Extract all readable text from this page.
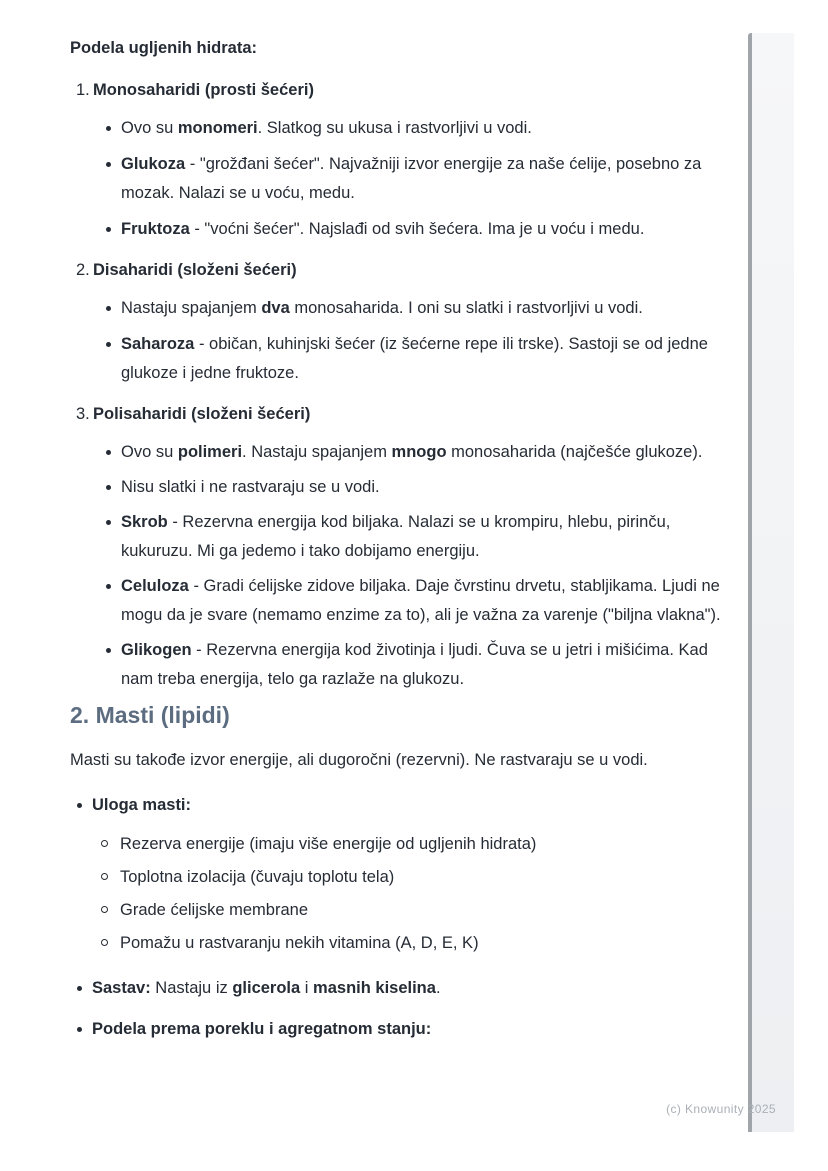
Podela ugljenih hidrata:

1. Monosaharidi (prosti šećeri)
Ovo su monomeri. Slatkog su ukusa i rastvorljivi u vodi.
Glukoza - "grožđani šećer". Najvažniji izvor energije za naše ćelije, posebno za mozak. Nalazi se u voću, medu.
Fruktoza - "voćni šećer". Najslađi od svih šećera. Ima je u voću i medu.
2. Disaharidi (složeni šećeri)
Nastaju spajanjem dva monosaharida. I oni su slatki i rastvorljivi u vodi.
Saharoza - običan, kuhinjski šećer (iz šećerne repe ili trske). Sastoji se od jedne glukoze i jedne fruktoze.
3. Polisaharidi (složeni šećeri)
Ovo su polimeri. Nastaju spajanjem mnogo monosaharida (najčešće glukoze).
Nisu slatki i ne rastvaraju se u vodi.
Skrob - Rezervna energija kod biljaka. Nalazi se u krompiru, hlebu, pirinču, kukuruzu. Mi ga jedemo i tako dobijamo energiju.
Celuloza - Gradi ćelijske zidove biljaka. Daje čvrstinu drvetu, stabljikama. Ljudi ne mogu da je svare (nemamo enzime za to), ali je važna za varenje ("biljna vlakna").
Glikogen - Rezervna energija kod životinja i ljudi. Čuva se u jetri i mišićima. Kad nam treba energija, telo ga razlaže na glukozu.
2. Masti (lipidi)

Masti su takođe izvor energije, ali dugoročni (rezervni). Ne rastvaraju se u vodi.

Uloga masti:
Rezerva energije (imaju više energije od ugljenih hidrata)
Toplotna izolacija (čuvaju toplotu tela)
Grade ćelijske membrane
Pomažu u rastvaranju nekih vitamina (A, D, E, K)
Sastav: Nastaju iz glicerola i masnih kiselina.
Podela prema poreklu i agregatnom stanju:
(c) Knowunity 2025
